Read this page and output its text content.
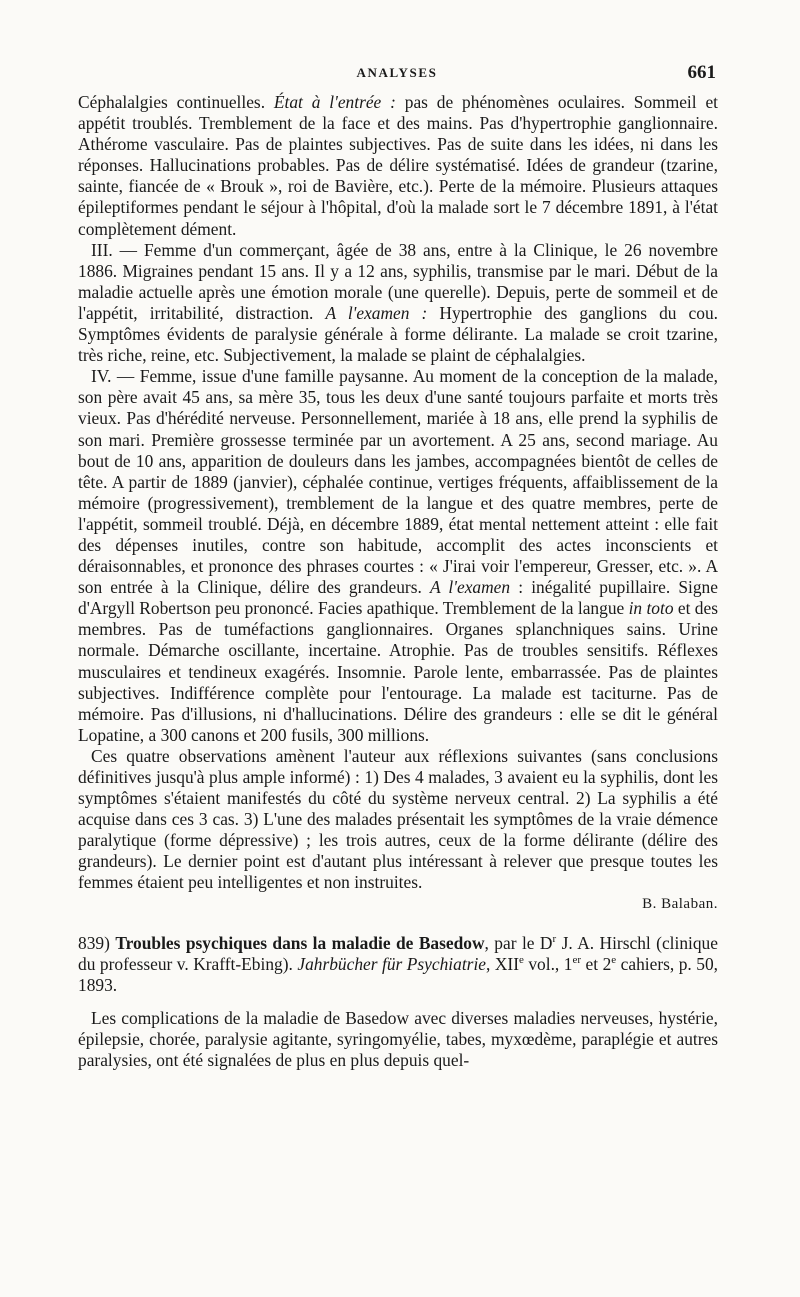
ANALYSES	661

Céphalalgies continuelles. État à l'entrée : pas de phénomènes oculaires. Sommeil et appétit troublés. Tremblement de la face et des mains. Pas d'hypertrophie ganglionnaire. Athérome vasculaire. Pas de plaintes subjectives. Pas de suite dans les idées, ni dans les réponses. Hallucinations probables. Pas de délire systématisé. Idées de grandeur (tzarine, sainte, fiancée de « Brouk », roi de Bavière, etc.). Perte de la mémoire. Plusieurs attaques épileptiformes pendant le séjour à l'hôpital, d'où la malade sort le 7 décembre 1891, à l'état complètement dément.

III. — Femme d'un commerçant, âgée de 38 ans, entre à la Clinique, le 26 novembre 1886. Migraines pendant 15 ans. Il y a 12 ans, syphilis, transmise par le mari. Début de la maladie actuelle après une émotion morale (une querelle). Depuis, perte de sommeil et de l'appétit, irritabilité, distraction. A l'examen : Hypertrophie des ganglions du cou. Symptômes évidents de paralysie générale à forme délirante. La malade se croit tzarine, très riche, reine, etc. Subjectivement, la malade se plaint de céphalalgies.

IV. — Femme, issue d'une famille paysanne. Au moment de la conception de la malade, son père avait 45 ans, sa mère 35, tous les deux d'une santé toujours parfaite et morts très vieux. Pas d'hérédité nerveuse. Personnellement, mariée à 18 ans, elle prend la syphilis de son mari. Première grossesse terminée par un avortement. A 25 ans, second mariage. Au bout de 10 ans, apparition de douleurs dans les jambes, accompagnées bientôt de celles de tête. A partir de 1889 (janvier), céphalée continue, vertiges fréquents, affaiblissement de la mémoire (progressivement), tremblement de la langue et des quatre membres, perte de l'appétit, sommeil troublé. Déjà, en décembre 1889, état mental nettement atteint : elle fait des dépenses inutiles, contre son habitude, accomplit des actes inconscients et déraisonnables, et prononce des phrases courtes : « J'irai voir l'empereur, Gresser, etc. ». A son entrée à la Clinique, délire des grandeurs. A l'examen : inégalité pupillaire. Signe d'Argyll Robertson peu prononcé. Facies apathique. Tremblement de la langue in toto et des membres. Pas de tuméfactions ganglionnaires. Organes splanchniques sains. Urine normale. Démarche oscillante, incertaine. Atrophie. Pas de troubles sensitifs. Réflexes musculaires et tendineux exagérés. Insomnie. Parole lente, embarrassée. Pas de plaintes subjectives. Indifférence complète pour l'entourage. La malade est taciturne. Pas de mémoire. Pas d'illusions, ni d'hallucinations. Délire des grandeurs : elle se dit le général Lopatine, a 300 canons et 200 fusils, 300 millions.

Ces quatre observations amènent l'auteur aux réflexions suivantes (sans conclusions définitives jusqu'à plus ample informé) : 1) Des 4 malades, 3 avaient eu la syphilis, dont les symptômes s'étaient manifestés du côté du système nerveux central. 2) La syphilis a été acquise dans ces 3 cas. 3) L'une des malades présentait les symptômes de la vraie démence paralytique (forme dépressive) ; les trois autres, ceux de la forme délirante (délire des grandeurs). Le dernier point est d'autant plus intéressant à relever que presque toutes les femmes étaient peu intelligentes et non instruites.

B. Balaban.

839) Troubles psychiques dans la maladie de Basedow, par le $D^r$ J. A. Hirschl (clinique du professeur v. Krafft-Ebing). Jahrbücher für Psychiatrie, XIIe vol., 1er et 2e cahiers, p. 50, 1893.

Les complications de la maladie de Basedow avec diverses maladies nerveuses, hystérie, épilepsie, chorée, paralysie agitante, syringomyélie, tabes, myxœdème, paraplégie et autres paralysies, ont été signalées de plus en plus depuis quel-
